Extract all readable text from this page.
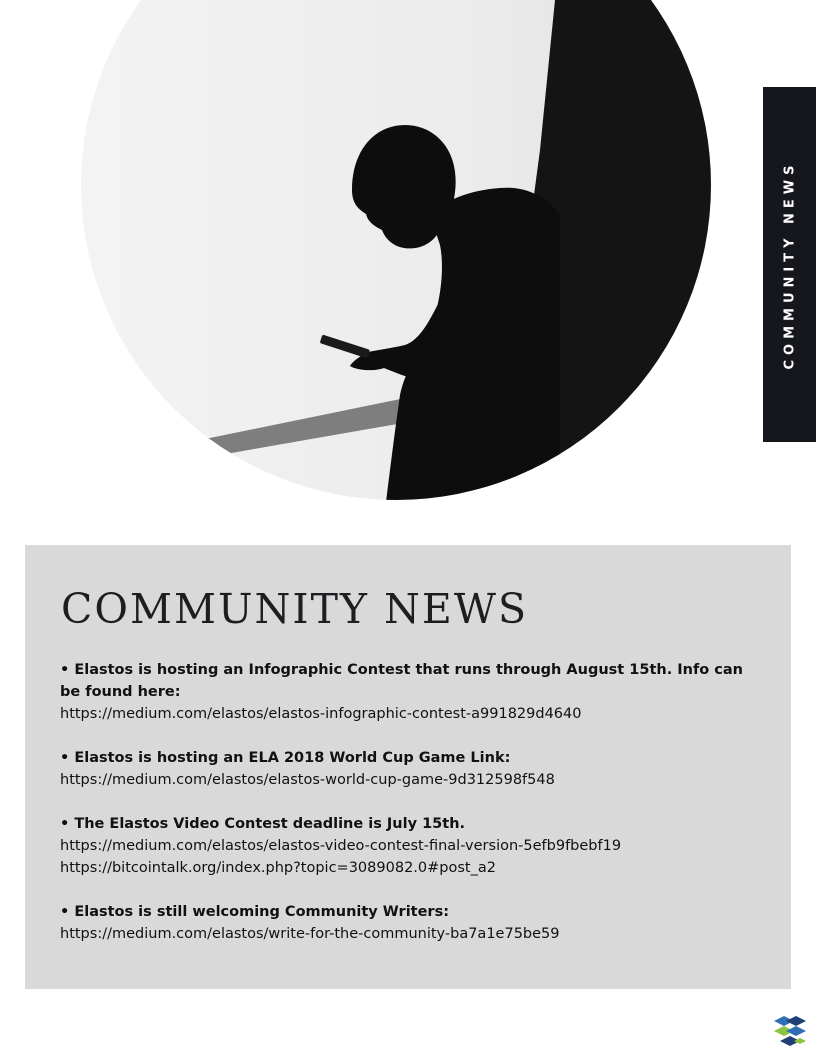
COMMUNITY NEWS
COMMUNITY NEWS
• Elastos is hosting an Infographic Contest that runs through August 15th. Info can be found here:
https://medium.com/elastos/elastos-infographic-contest-a991829d4640
• Elastos is hosting an ELA 2018 World Cup Game Link:
https://medium.com/elastos/elastos-world-cup-game-9d312598f548
• The Elastos Video Contest deadline is July 15th.
https://medium.com/elastos/elastos-video-contest-final-version-5efb9fbebf19
https://bitcointalk.org/index.php?topic=3089082.0#post_a2
• Elastos is still welcoming Community Writers:
https://medium.com/elastos/write-for-the-community-ba7a1e75be59
